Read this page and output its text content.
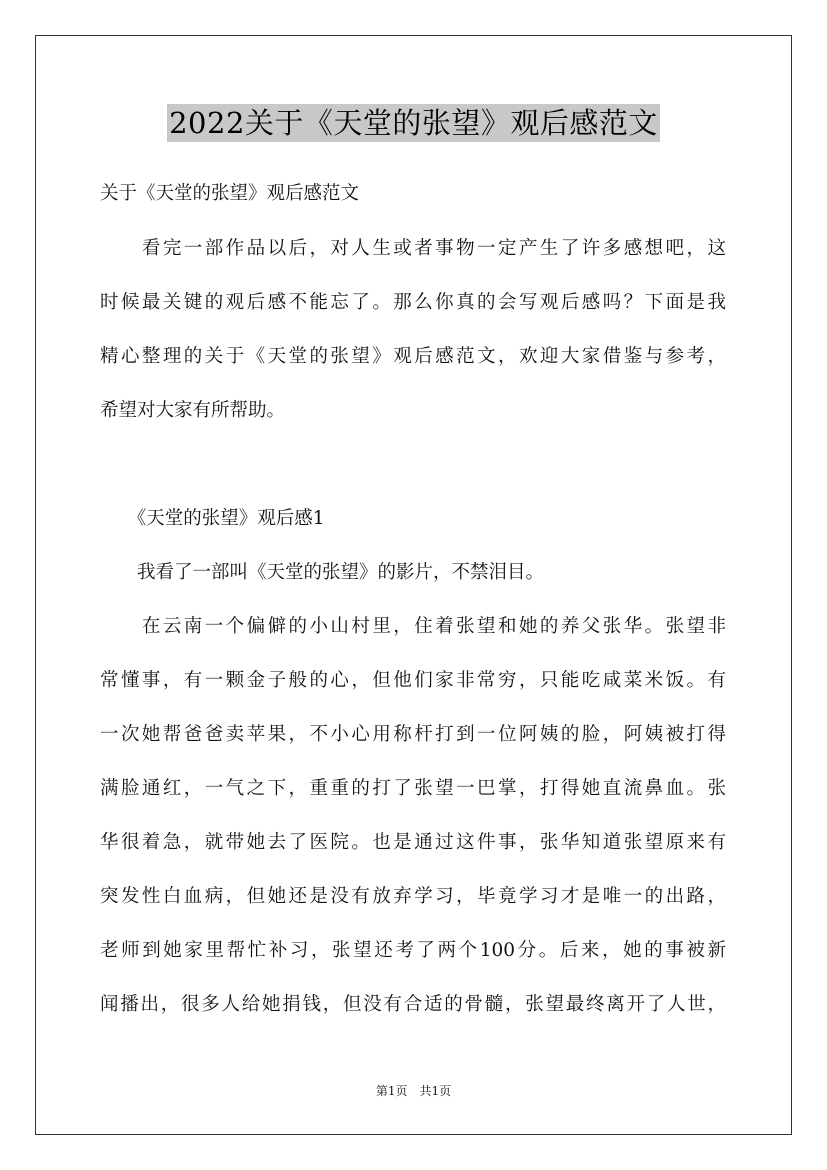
2022关于《天堂的张望》观后感范文
关于《天堂的张望》观后感范文
　　看完一部作品以后，对人生或者事物一定产生了许多感想吧，这
时候最关键的观后感不能忘了。那么你真的会写观后感吗？下面是我
精心整理的关于《天堂的张望》观后感范文，欢迎大家借鉴与参考，
希望对大家有所帮助。
　　《天堂的张望》观后感1
　　我看了一部叫《天堂的张望》的影片，不禁泪目。
　　在云南一个偏僻的小山村里，住着张望和她的养父张华。张望非
常懂事，有一颗金子般的心，但他们家非常穷，只能吃咸菜米饭。有
一次她帮爸爸卖苹果，不小心用称杆打到一位阿姨的脸，阿姨被打得
满脸通红，一气之下，重重的打了张望一巴掌，打得她直流鼻血。张
华很着急，就带她去了医院。也是通过这件事，张华知道张望原来有
突发性白血病，但她还是没有放弃学习，毕竟学习才是唯一的出路，
老师到她家里帮忙补习，张望还考了两个100分。后来，她的事被新
闻播出，很多人给她捐钱，但没有合适的骨髓，张望最终离开了人世，
第1页　共1页
